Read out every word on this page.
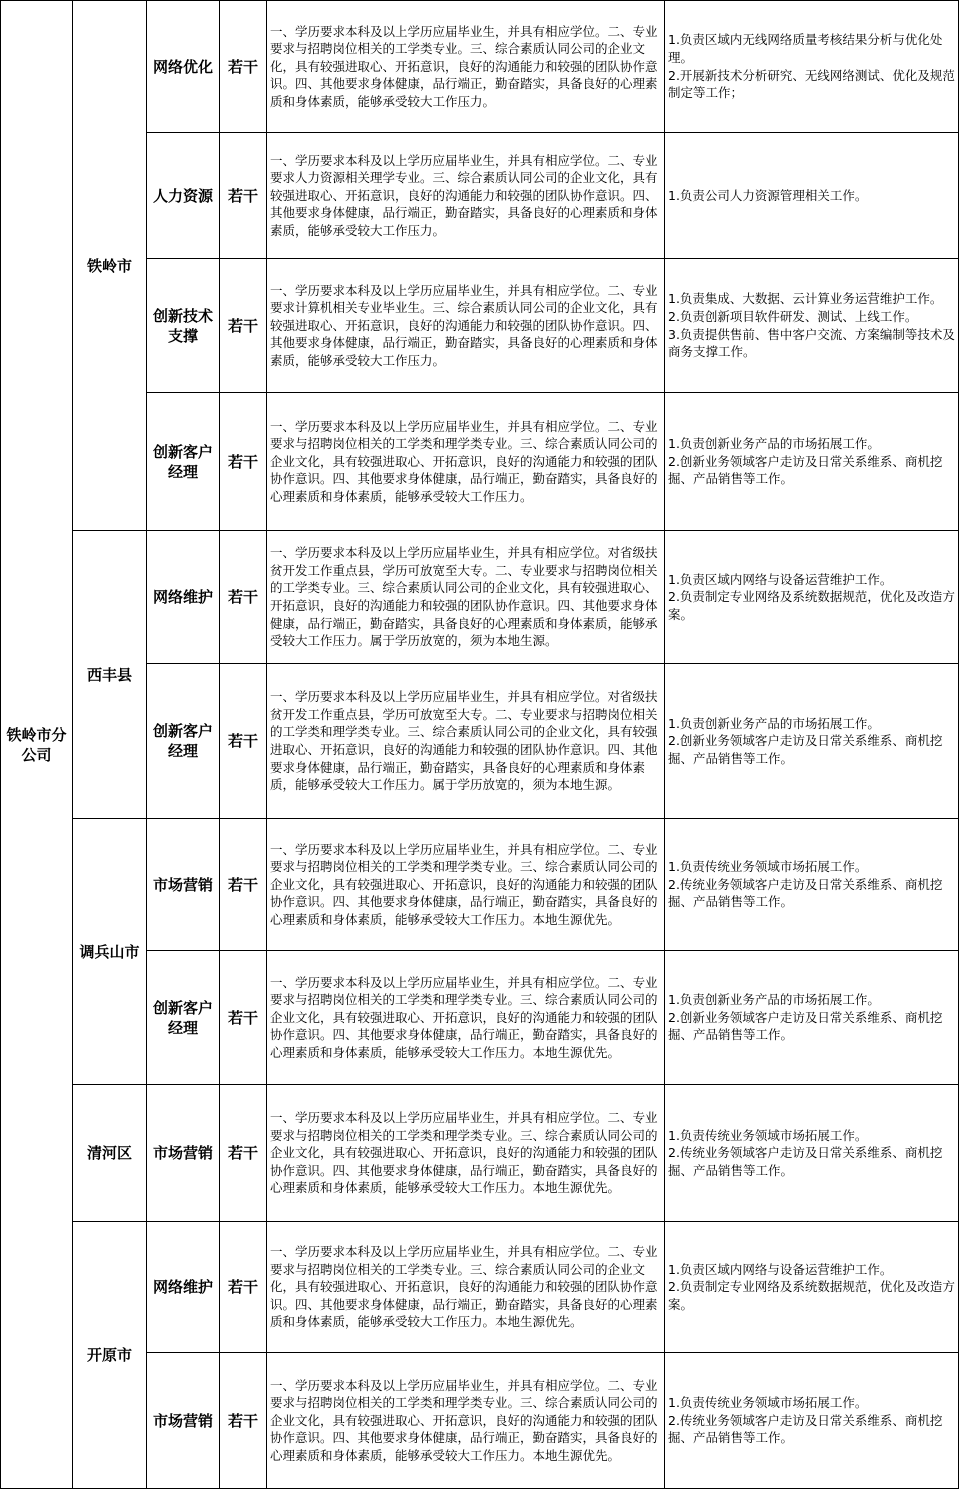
铁岭市分公司	铁岭市	网络优化	若干	一、学历要求本科及以上学历应届毕业生，并具有相应学位。二、专业要求与招聘岗位相关的工学类专业。三、综合素质认同公司的企业文化，具有较强进取心、开拓意识，良好的沟通能力和较强的团队协作意识。四、其他要求身体健康，品行端正，勤奋踏实，具备良好的心理素质和身体素质，能够承受较大工作压力。	1.负责区域内无线网络质量考核结果分析与优化处理。
2.开展新技术分析研究、无线网络测试、优化及规范制定等工作；

		人力资源	若干	一、学历要求本科及以上学历应届毕业生，并具有相应学位。二、专业要求人力资源相关理学专业。三、综合素质认同公司的企业文化，具有较强进取心、开拓意识，良好的沟通能力和较强的团队协作意识。四、其他要求身体健康，品行端正，勤奋踏实，具备良好的心理素质和身体素质，能够承受较大工作压力。	1.负责公司人力资源管理相关工作。

		创新技术支撑	若干	一、学历要求本科及以上学历应届毕业生，并具有相应学位。二、专业要求计算机相关专业毕业生。三、综合素质认同公司的企业文化，具有较强进取心、开拓意识，良好的沟通能力和较强的团队协作意识。四、其他要求身体健康，品行端正，勤奋踏实，具备良好的心理素质和身体素质，能够承受较大工作压力。	1.负责集成、大数据、云计算业务运营维护工作。
2.负责创新项目软件研发、测试、上线工作。
3.负责提供售前、售中客户交流、方案编制等技术及商务支撑工作。

		创新客户经理	若干	一、学历要求本科及以上学历应届毕业生，并具有相应学位。二、专业要求与招聘岗位相关的工学类和理学类专业。三、综合素质认同公司的企业文化，具有较强进取心、开拓意识，良好的沟通能力和较强的团队协作意识。四、其他要求身体健康，品行端正，勤奋踏实，具备良好的心理素质和身体素质，能够承受较大工作压力。	1.负责创新业务产品的市场拓展工作。
2.创新业务领域客户走访及日常关系维系、商机挖掘、产品销售等工作。

	西丰县	网络维护	若干	一、学历要求本科及以上学历应届毕业生，并具有相应学位。对省级扶贫开发工作重点县，学历可放宽至大专。二、专业要求与招聘岗位相关的工学类专业。三、综合素质认同公司的企业文化，具有较强进取心、开拓意识，良好的沟通能力和较强的团队协作意识。四、其他要求身体健康，品行端正，勤奋踏实，具备良好的心理素质和身体素质，能够承受较大工作压力。属于学历放宽的，须为本地生源。	1.负责区域内网络与设备运营维护工作。
2.负责制定专业网络及系统数据规范，优化及改造方案。

		创新客户经理	若干	一、学历要求本科及以上学历应届毕业生，并具有相应学位。对省级扶贫开发工作重点县，学历可放宽至大专。二、专业要求与招聘岗位相关的工学类和理学类专业。三、综合素质认同公司的企业文化，具有较强进取心、开拓意识，良好的沟通能力和较强的团队协作意识。四、其他要求身体健康，品行端正，勤奋踏实，具备良好的心理素质和身体素质，能够承受较大工作压力。属于学历放宽的，须为本地生源。	1.负责创新业务产品的市场拓展工作。
2.创新业务领域客户走访及日常关系维系、商机挖掘、产品销售等工作。

	调兵山市	市场营销	若干	一、学历要求本科及以上学历应届毕业生，并具有相应学位。二、专业要求与招聘岗位相关的工学类和理学类专业。三、综合素质认同公司的企业文化，具有较强进取心、开拓意识，良好的沟通能力和较强的团队协作意识。四、其他要求身体健康，品行端正，勤奋踏实，具备良好的心理素质和身体素质，能够承受较大工作压力。本地生源优先。	1.负责传统业务领域市场拓展工作。
2.传统业务领域客户走访及日常关系维系、商机挖掘、产品销售等工作。

		创新客户经理	若干	一、学历要求本科及以上学历应届毕业生，并具有相应学位。二、专业要求与招聘岗位相关的工学类和理学类专业。三、综合素质认同公司的企业文化，具有较强进取心、开拓意识，良好的沟通能力和较强的团队协作意识。四、其他要求身体健康，品行端正，勤奋踏实，具备良好的心理素质和身体素质，能够承受较大工作压力。本地生源优先。	1.负责创新业务产品的市场拓展工作。
2.创新业务领域客户走访及日常关系维系、商机挖掘、产品销售等工作。

	清河区	市场营销	若干	一、学历要求本科及以上学历应届毕业生，并具有相应学位。二、专业要求与招聘岗位相关的工学类和理学类专业。三、综合素质认同公司的企业文化，具有较强进取心、开拓意识，良好的沟通能力和较强的团队协作意识。四、其他要求身体健康，品行端正，勤奋踏实，具备良好的心理素质和身体素质，能够承受较大工作压力。本地生源优先。	1.负责传统业务领域市场拓展工作。
2.传统业务领域客户走访及日常关系维系、商机挖掘、产品销售等工作。

	开原市	网络维护	若干	一、学历要求本科及以上学历应届毕业生，并具有相应学位。二、专业要求与招聘岗位相关的工学类专业。三、综合素质认同公司的企业文化，具有较强进取心、开拓意识，良好的沟通能力和较强的团队协作意识。四、其他要求身体健康，品行端正，勤奋踏实，具备良好的心理素质和身体素质，能够承受较大工作压力。本地生源优先。	1.负责区域内网络与设备运营维护工作。
2.负责制定专业网络及系统数据规范，优化及改造方案。

		市场营销	若干	一、学历要求本科及以上学历应届毕业生，并具有相应学位。二、专业要求与招聘岗位相关的工学类和理学类专业。三、综合素质认同公司的企业文化，具有较强进取心、开拓意识，良好的沟通能力和较强的团队协作意识。四、其他要求身体健康，品行端正，勤奋踏实，具备良好的心理素质和身体素质，能够承受较大工作压力。本地生源优先。	1.负责传统业务领域市场拓展工作。
2.传统业务领域客户走访及日常关系维系、商机挖掘、产品销售等工作。
